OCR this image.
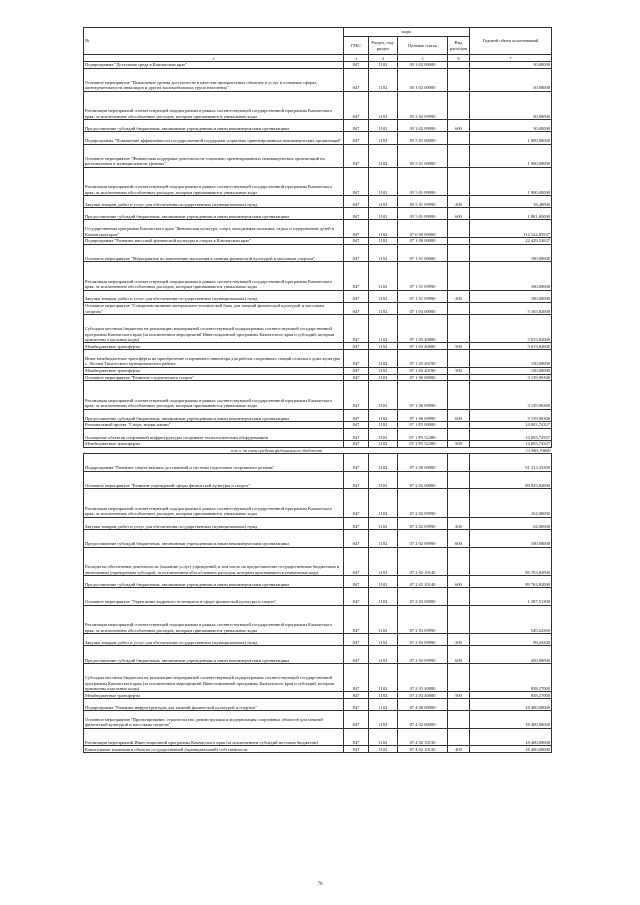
№		коды				Годовой объем ассигнований
	ГРБС	Раздел, под-раздел	Целевая статья	Вид расходов	
	2	3	4	5	6	7
	Подпрограмма "Доступная среда в Камчатском крае"	847	1102	05 3 02 00000		30,00000
	Основное мероприятие "Повышение уровня доступности и качества приоритетных объектов и услуг в основных сферах жизнедеятельности инвалидов и других маломобильных групп населения"	847	1102	05 3 02 00000		30,00000
	Реализация мероприятий соответствующей подпрограммы в рамках соответствующей государственной программы Камчатского края, за исключением обособленных расходов, которым присваиваются уникальные коды	847	1102	05 3 02 09990		30,00000
	Предоставление субсидий бюджетным, автономным учреждениям и иным некоммерческим организациям	847	1102	05 3 02 09990	600	30,00000
	Подпрограмма "Повышение эффективности государственной поддержки социально ориентированных некоммерческих организаций"	847	1102	05 5 01 00000		1 900,00000
	Основное мероприятие "Финансовая поддержка деятельности социально ориентированных некоммерческих организаций на региональном и муниципальном уровнях"	847	1102	05 5 01 00000		1 900,00000
	Реализация мероприятий соответствующей подпрограммы в рамках соответствующей государственной программы Камчатского края, за исключением обособленных расходов, которым присваиваются уникальные коды	847	1102	05 5 01 09990		1 900,00000
	Закупка товаров, работ и услуг для обеспечения государственных (муниципальных) нужд	847	1102	05 5 01 09990	200	18,40000
	Предоставление субсидий бюджетным, автономным учреждениям и иным некоммерческим организациям	847	1102	05 5 01 09990	600	1 881,60000
	Государственная программа Камчатского края "Физическая культура, спорт, молодежная политика, отдых и оздоровление детей в Камчатском крае"	847	1102	07 0 00 00000		112 142,85937
	Подпрограмма "Развитие массовой физической культуры и спорта в Камчатском крае"	847	1102	07 1 00 00000		22 429,52637
	Основное мероприятие "Мероприятия по вовлечению населения в занятия физической культурой и массовым спортом"	847	1102	07 1 01 00000		100,00000
	Реализация мероприятий соответствующей подпрограммы в рамках соответствующей государственной программы Камчатского края, за исключением обособленных расходов, которым присваиваются уникальные коды	847	1102	07 1 01 09990		100,00000
	Закупка товаров, работ и услуг для обеспечения государственных (муниципальных) нужд	847	1102	07 1 01 09990	200	100,00000
	Основное мероприятие "Совершенствование материально-технической базы для занятий физической культурой и массовым спортом"	847	1102	07 1 03 00000		5 165,82000
	Субсидии местным бюджетам на реализацию мероприятий соответствующей подпрограммы соответствующей государственной программы Камчатского края (за исключением мероприятий Инвестиционной программы Камчатского края и субсидий, которым присвоены отдельные коды)	847	1102	07 1 03 40080		5 015,82000
	Межбюджетные трансферты	847	1102	07 1 03 40080	500	5 015,82000
	Иные межбюджетные трансферты на приобретение спортивного инвентаря для работы спортивных секций сельского дома культуры с. Лесная Тигильского муниципального района	847	1102	07 1 03 40190		150,00000
	Межбюджетные трансферты	847	1102	07 1 03 40190	500	150,00000
	Основное мероприятие "Развитие студенческого спорта"	847	1102	07 1 06 00000		3 159,96300
	Реализация мероприятий соответствующей подпрограммы в рамках соответствующей государственной программы Камчатского края, за исключением обособленных расходов, которым присваиваются уникальные коды	847	1102	07 1 06 09990		3 159,96300
	Предоставление субсидий бюджетным, автономным учреждениям и иным некоммерческим организациям	847	1102	07 1 06 09990	600	3 159,96300
	Региональный проект "Спорт–норма жизни"	847	1102	07 1 P5 00000		14 003,74337
	Оснащение объектов спортивной инфраструктуры спортивно-технологическим оборудованием	847	1102	07 1 P5 52280		14 003,74337
	Межбюджетные трансферты	847	1102	07 1 P5 52280	500	14 003,74337
	в т.ч. за счет средств федерального бюджета					13 863,70600
	Подпрограмма "Развитие спорта высших достижений и системы подготовки спортивного резерва"	847	1102	07 2 00 00000		91 313,33300
	Основное мероприятие "Развитие учреждений сферы физической культуры и спорта"	847	1102	07 2 02 00000		89 925,82000
	Реализация мероприятий соответствующей подпрограммы в рамках соответствующей государственной программы Камчатского края, за исключением обособленных расходов, которым присваиваются уникальные коды	847	1102	07 2 02 09990		162,00000
	Закупка товаров, работ и услуг для обеспечения государственных (муниципальных) нужд	847	1102	07 2 02 09990	200	62,00000
	Предоставление субсидий бюджетным, автономным учреждениям и иным некоммерческим организациям	847	1102	07 2 02 09990	600	100,00000
	Расходы на обеспечение деятельности (оказание услуг) учреждений, в том числе на предоставление государственным бюджетным и автономным учреждениям субсидий, за исключением обособленных расходов, которым присваиваются уникальные коды	847	1102	07 2 02 10140		89 763,82000
	Предоставление субсидий бюджетным, автономным учреждениям и иным некоммерческим организациям	847	1102	07 2 02 10140	600	89 763,82000
	Основное мероприятие "Укрепление кадрового потенциала в сфере физической культуры и спорта"	847	1102	07 2 03 00000		1 387,51300
	Реализация мероприятий соответствующей подпрограммы в рамках соответствующей государственной программы Камчатского края, за исключением обособленных расходов, которым присваиваются уникальные коды	847	1102	07 2 03 09990		549,24300
	Закупка товаров, работ и услуг для обеспечения государственных (муниципальных) нужд	847	1102	07 2 03 09990	200	99,24300
	Предоставление субсидий бюджетным, автономным учреждениям и иным некоммерческим организациям	847	1102	07 2 03 09990	600	450,00000
	Субсидии местным бюджетам на реализацию мероприятий соответствующей подпрограммы соответствующей государственной программы Камчатского края (за исключением мероприятий Инвестиционной программы Камчатского края и субсидий, которым присвоены отдельные коды)	847	1102	07 2 03 40080		838,27000
	Межбюджетные трансферты	847	1102	07 2 03 40080	500	838,27000
	Подпрограмма "Развитие инфраструктуры для занятий физической культурой и спортом"	847	1102	07 4 00 00000		18 400,00000
	Основное мероприятие "Проектирование, строительство, реконструкция и модернизация спортивных объектов для занятий физической культурой и массовым спортом"	847	1102	07 4 02 00000		18 400,00000
	Реализация мероприятий Инвестиционной программы Камчатского края (за исключением субсидий местным бюджетам)	847	1102	07 4 02 10130		18 400,00000
	Капитальные вложения в объекты государственной (муниципальной) собственности	847	1102	07 4 02 10130	400	18 400,00000
76
